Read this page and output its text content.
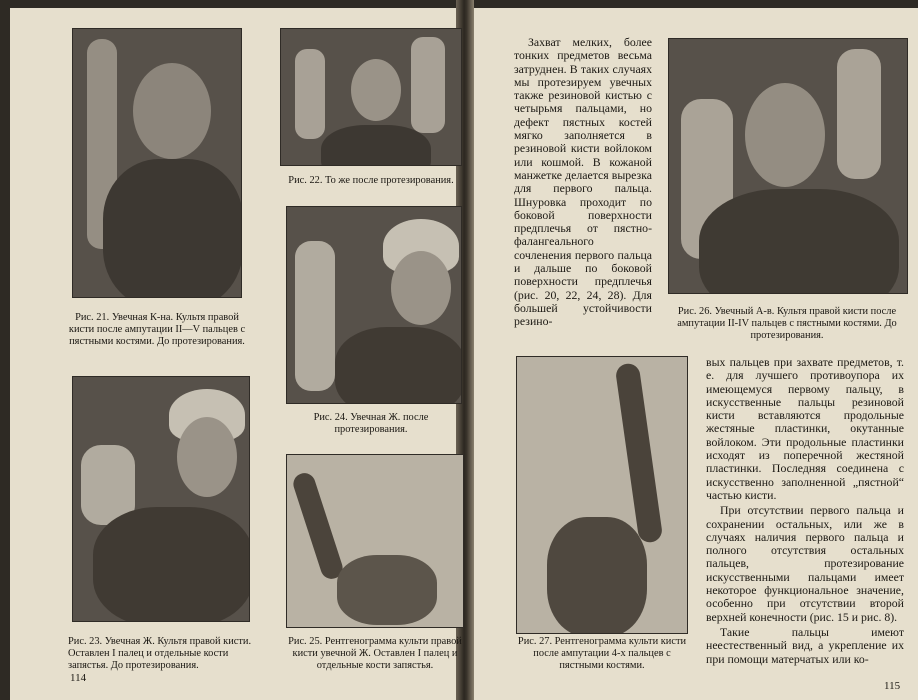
Рис. 21. Увечная К-на. Культя правой кисти после ампутации II—V пальцев с пястными костями. До протезирования.
Рис. 22. То же после протезирования.
Рис. 24. Увечная Ж. после протезирования.
Рис. 23. Увечная Ж. Культя правой кисти. Оставлен I палец и отдельные кости запястья. До протезирования.
Рис. 25. Рентгенограмма культи правой кисти увечной Ж. Оставлен I палец и отдельные кости запястья.
114

Захват мелких, более тонких предметов весьма затруднен. В таких случаях мы протезируем увечных также резиновой кистью с четырьмя пальцами, но дефект пястных костей мягко заполняется в резиновой кисти войлоком или кошмой. В кожаной манжетке делается вырезка для первого пальца. Шнуровка проходит по боковой поверхности предплечья от пястно-фалангеального сочленения первого пальца и дальше по боковой поверхности предплечья (рис. 20, 22, 24, 28). Для большей устойчивости резино-

Рис. 26. Увечный А-в. Культя правой кисти после ампутации II-IV пальцев с пястными костями. До протезирования.
Рис. 27. Рентгенограмма культи кисти после ампутации 4-х пальцев с пястными костями.

вых пальцев при захвате предметов, т. е. для лучшего противоупора их имеющемуся первому пальцу, в искусственные пальцы резиновой кисти вставляются продольные жестяные пластинки, окутанные войлоком. Эти продольные пластинки исходят из поперечной жестяной пластинки. Последняя соединена с искусственно заполненной „пястной“ частью кисти.

При отсутствии первого пальца и сохранении остальных, или же в случаях наличия первого пальца и полного отсутствия остальных пальцев, протезирование искусственными пальцами имеет некоторое функциональное значение, особенно при отсутствии второй верхней конечности (рис. 15 и рис. 8).

Такие пальцы имеют неестественный вид, а укрепление их при помощи матерчатых или ко-

115
